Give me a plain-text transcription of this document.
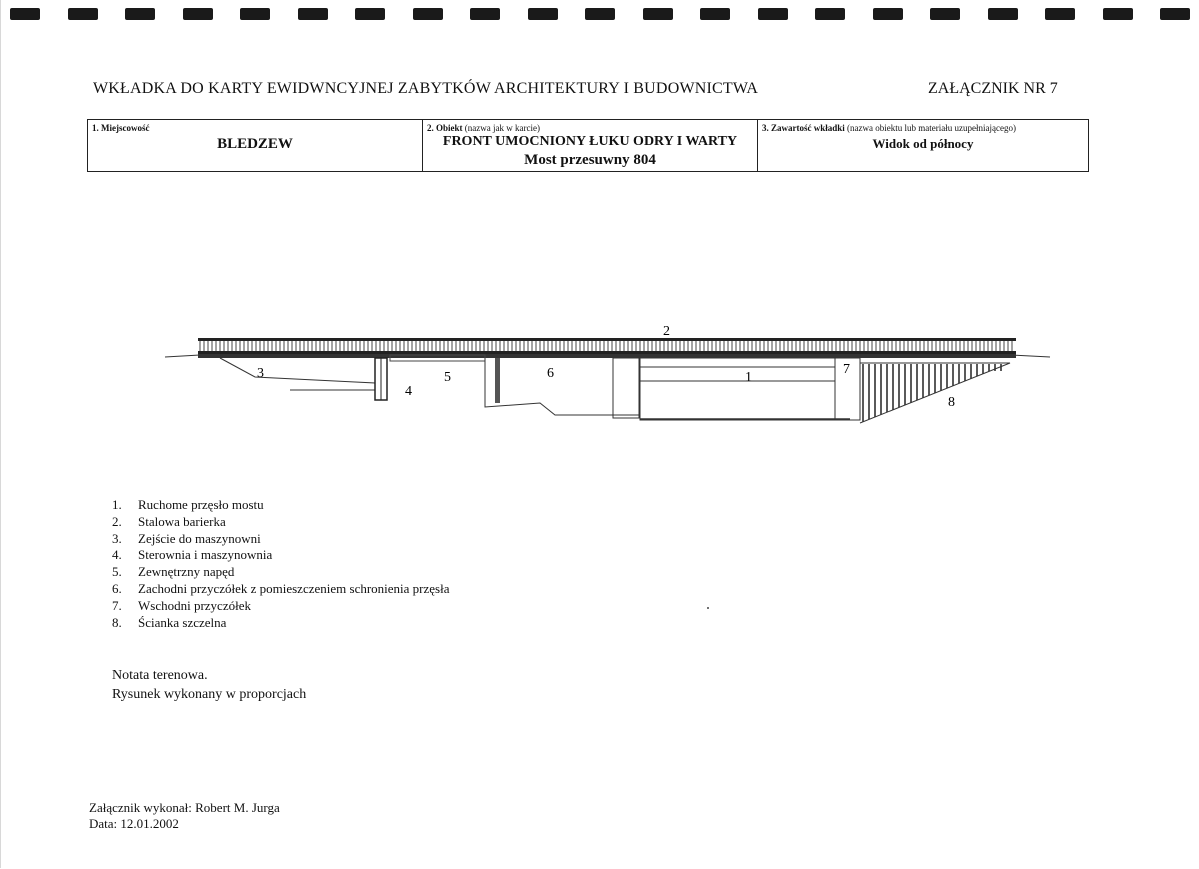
WKŁADKA DO KARTY EWIDWNCYJNEJ ZABYTKÓW ARCHITEKTURY I BUDOWNICTWA	ZAŁĄCZNIK NR 7
1. Miejscowość
BLEDZEW
2. Obiekt (nazwa jak w karcie)
FRONT UMOCNIONY ŁUKU ODRY I WARTY
Most przesuwny 804
3. Zawartość wkładki (nazwa obiektu lub materiału uzupełniającego)
Widok od północy
2
3
4
5	6	1
7
8
1.	Ruchome przęsło mostu
2.	Stalowa barierka
3.	Zejście do maszynowni
4.	Sterownia i maszynownia
5.	Zewnętrzny napęd
6.	Zachodni przyczółek z pomieszczeniem schronienia przęsła
7.	Wschodni przyczółek
8.	Ścianka szczelna
Notata terenowa.
Rysunek wykonany w proporcjach
Załącznik wykonał: Robert M. Jurga
Data: 12.01.2002
